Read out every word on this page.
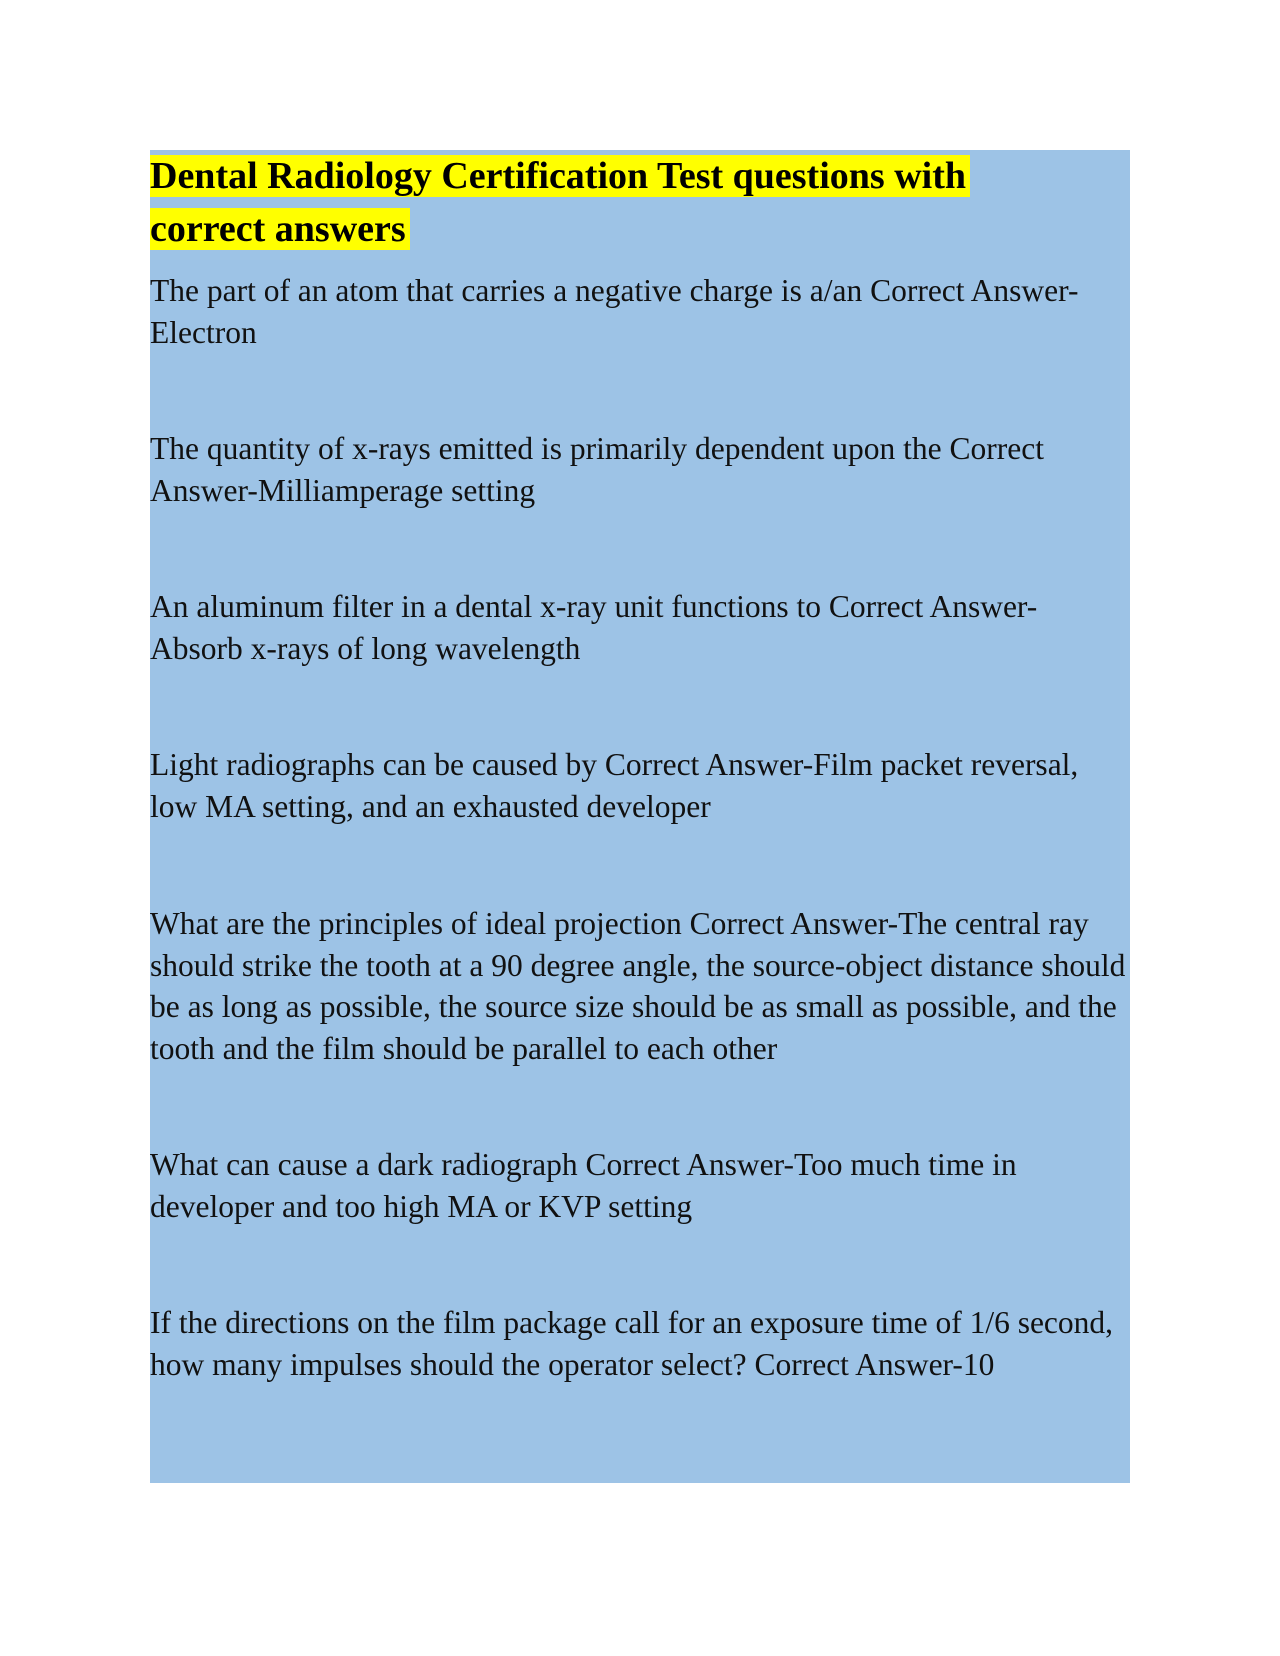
Dental Radiology Certification Test questions with correct answers

The part of an atom that carries a negative charge is a/an Correct Answer-Electron

The quantity of x-rays emitted is primarily dependent upon the Correct Answer-Milliamperage setting

An aluminum filter in a dental x-ray unit functions to Correct Answer-Absorb x-rays of long wavelength

Light radiographs can be caused by Correct Answer-Film packet reversal, low MA setting, and an exhausted developer

What are the principles of ideal projection Correct Answer-The central ray should strike the tooth at a 90 degree angle, the source-object distance should be as long as possible, the source size should be as small as possible, and the tooth and the film should be parallel to each other

What can cause a dark radiograph Correct Answer-Too much time in developer and too high MA or KVP setting

If the directions on the film package call for an exposure time of 1/6 second, how many impulses should the operator select? Correct Answer-10
